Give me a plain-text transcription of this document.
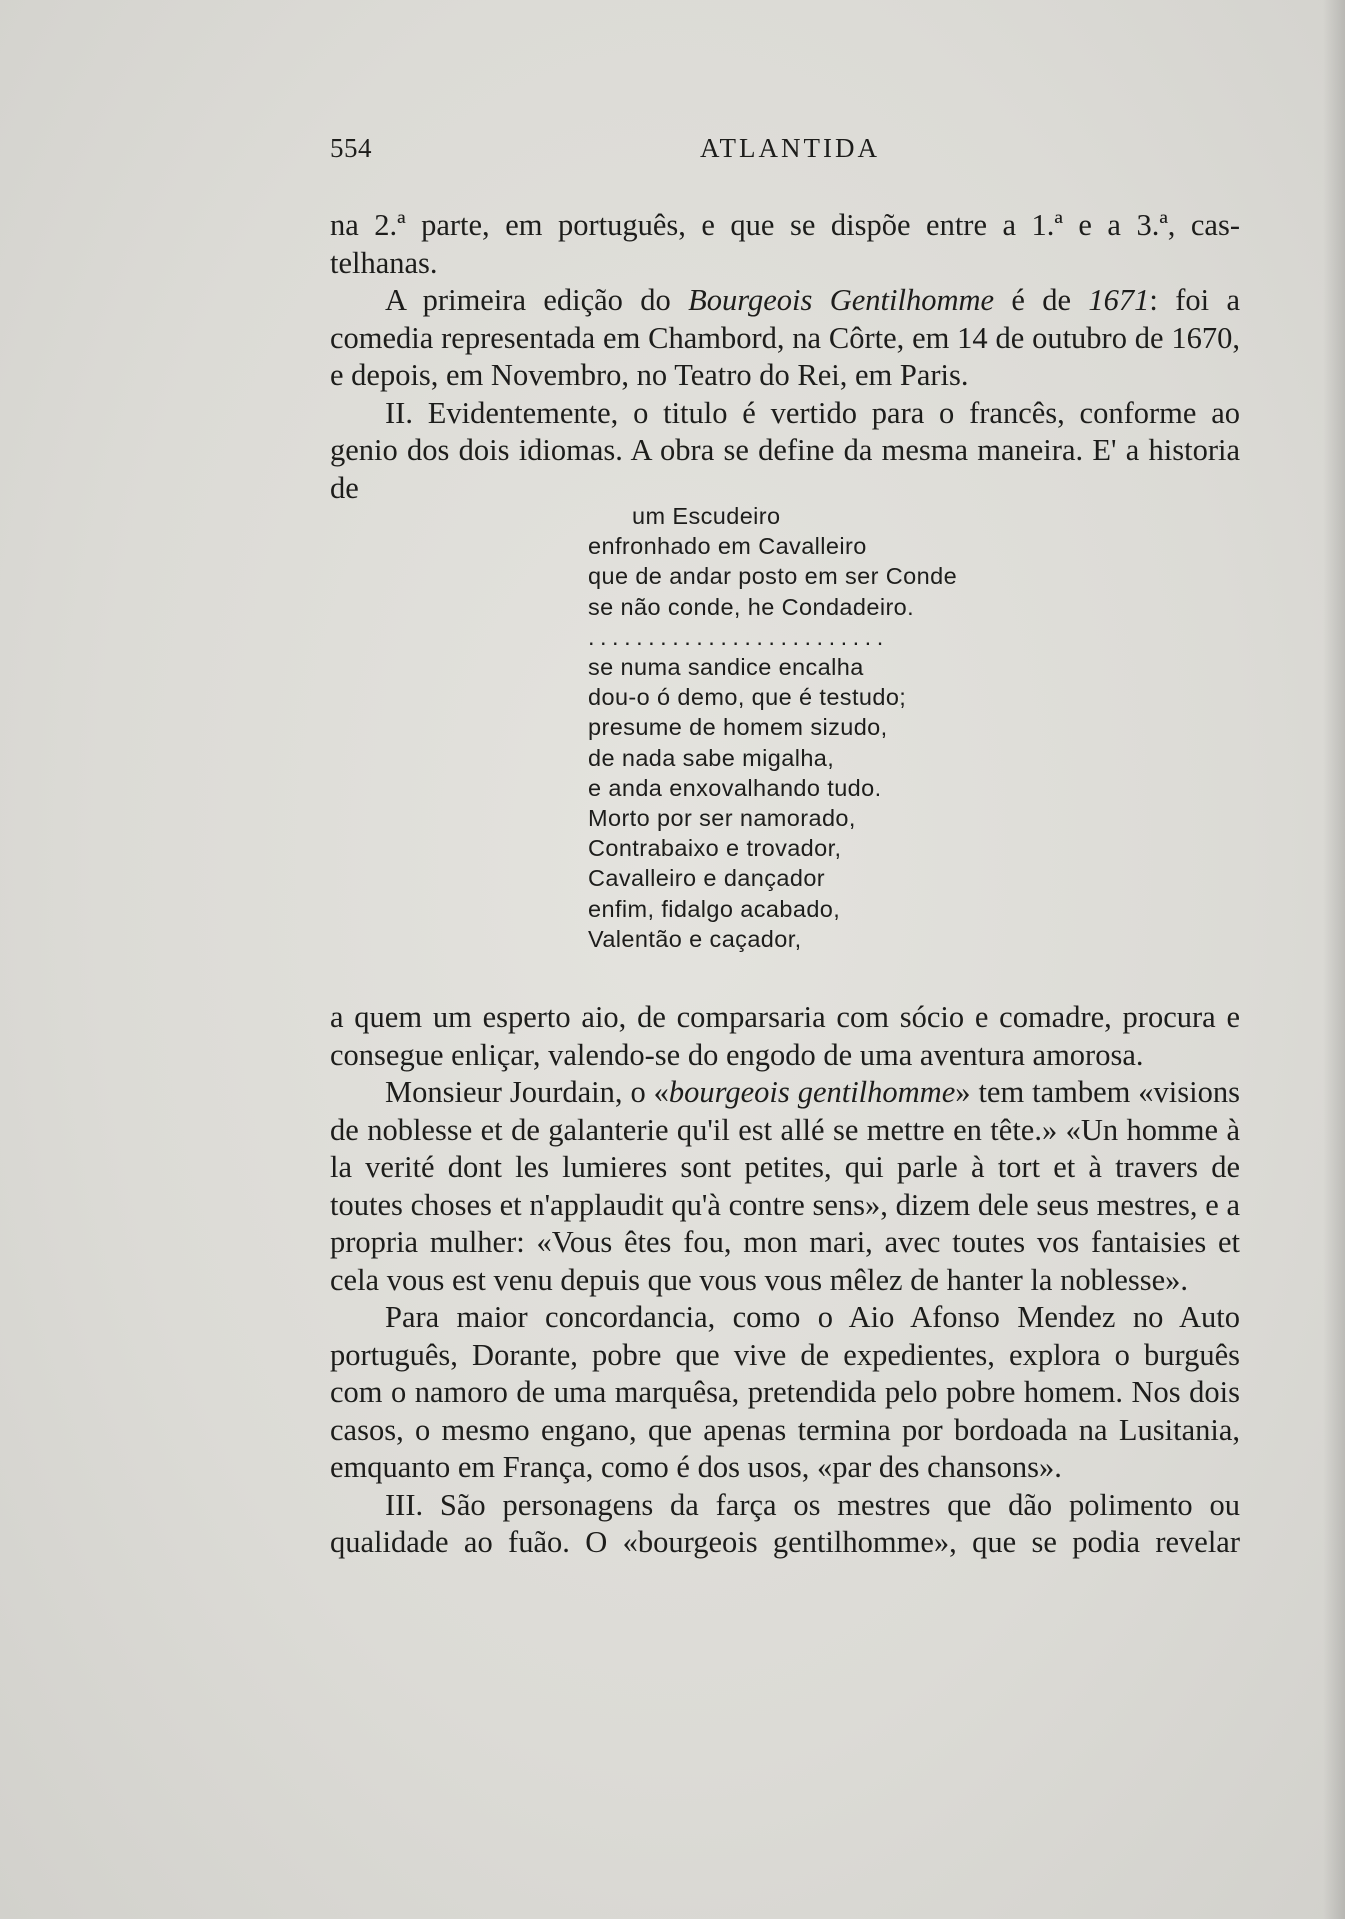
554	ATLANTIDA

na 2.ª parte, em português, e que se dispõe entre a 1.ª e a 3.ª, cas-

telhanas.

A primeira edição do Bourgeois Gentilhomme é de 1671: foi a comedia representada em Chambord, na Côrte, em 14 de outubro de 1670, e depois, em Novembro, no Teatro do Rei, em Paris.

II. Evidentemente, o titulo é vertido para o francês, conforme ao genio dos dois idiomas. A obra se define da mesma maneira. E' a historia de

um Escudeiro
enfronhado em Cavalleiro
que de andar posto em ser Conde
se não conde, he Condadeiro.
.........................
se numa sandice encalha
dou-o ó demo, que é testudo;
presume de homem sizudo,
de nada sabe migalha,
e anda enxovalhando tudo.
Morto por ser namorado,
Contrabaixo e trovador,
Cavalleiro e dançador
enfim, fidalgo acabado,
Valentão e caçador,

a quem um esperto aio, de comparsaria com sócio e comadre, procura e consegue enliçar, valendo-se do engodo de uma aventura amorosa.

Monsieur Jourdain, o «bourgeois gentilhomme» tem tambem «visions de noblesse et de galanterie qu'il est allé se mettre en tête.» «Un homme à la verité dont les lumieres sont petites, qui parle à tort et à travers de toutes choses et n'applaudit qu'à contre sens», dizem dele seus mestres, e a propria mulher: «Vous êtes fou, mon mari, avec toutes vos fantaisies et cela vous est venu depuis que vous vous mêlez de hanter la noblesse».

Para maior concordancia, como o Aio Afonso Mendez no Auto português, Dorante, pobre que vive de expedientes, explora o burguês com o namoro de uma marquêsa, pretendida pelo pobre homem. Nos dois casos, o mesmo engano, que apenas termina por bordoada na Lusitania, emquanto em França, como é dos usos, «par des chansons».

III. São personagens da farça os mestres que dão polimento ou qualidade ao fuão. O «bourgeois gentilhomme», que se podia revelar
